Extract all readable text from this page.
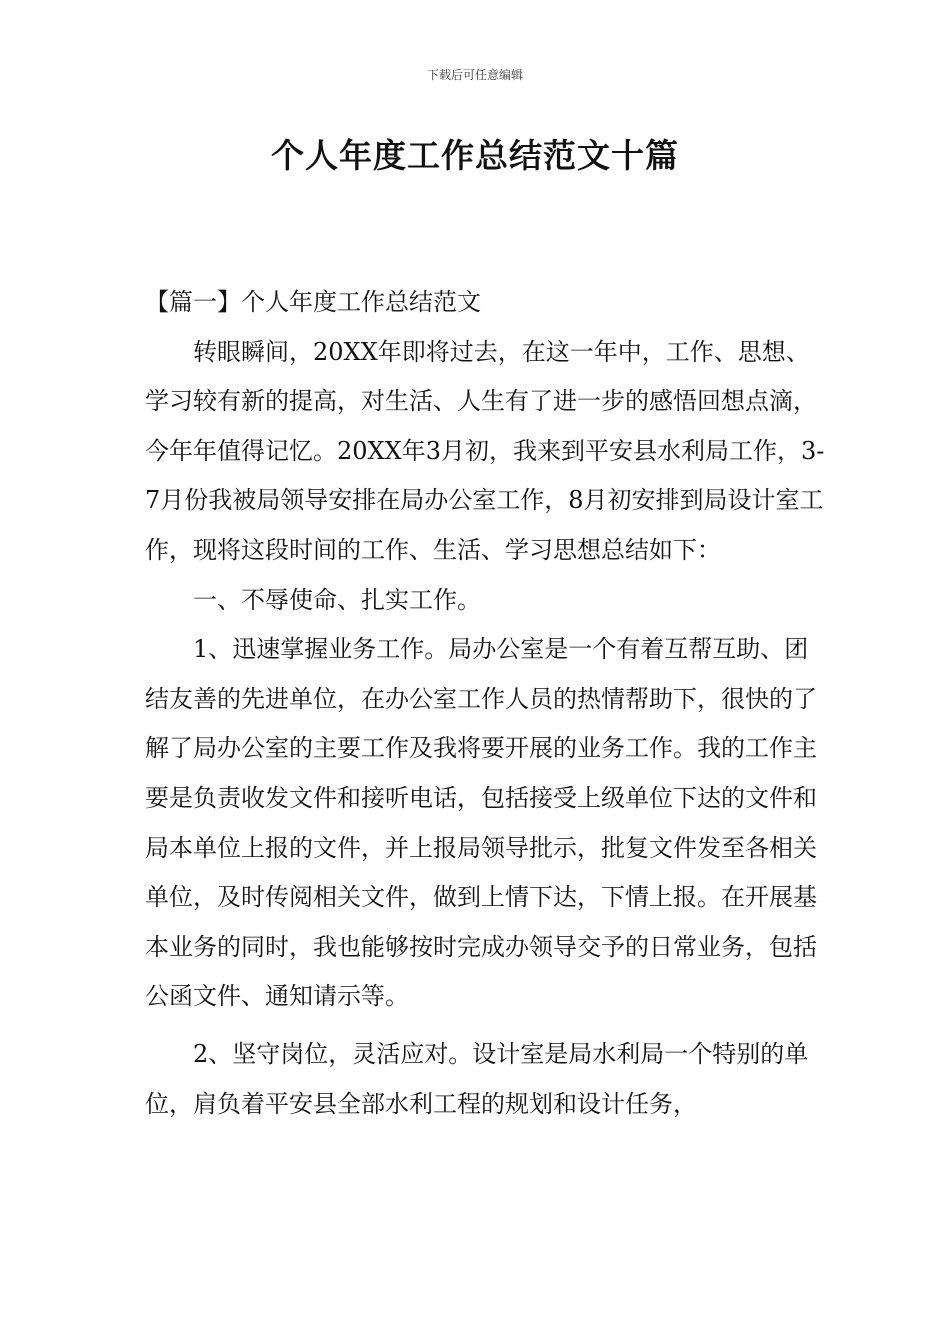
下载后可任意编辑
个人年度工作总结范文十篇

【篇一】个人年度工作总结范文

转眼瞬间，20XX年即将过去，在这一年中，工作、思想、学习较有新的提高，对生活、人生有了进一步的感悟回想点滴，今年年值得记忆。20XX年3月初，我来到平安县水利局工作，3-7月份我被局领导安排在局办公室工作，8月初安排到局设计室工作，现将这段时间的工作、生活、学习思想总结如下：

一、不辱使命、扎实工作。

1、迅速掌握业务工作。局办公室是一个有着互帮互助、团结友善的先进单位，在办公室工作人员的热情帮助下，很快的了解了局办公室的主要工作及我将要开展的业务工作。我的工作主要是负责收发文件和接听电话，包括接受上级单位下达的文件和局本单位上报的文件，并上报局领导批示，批复文件发至各相关单位，及时传阅相关文件，做到上情下达，下情上报。在开展基本业务的同时，我也能够按时完成办领导交予的日常业务，包括公函文件、通知请示等。

2、坚守岗位，灵活应对。设计室是局水利局一个特别的单位，肩负着平安县全部水利工程的规划和设计任务，
